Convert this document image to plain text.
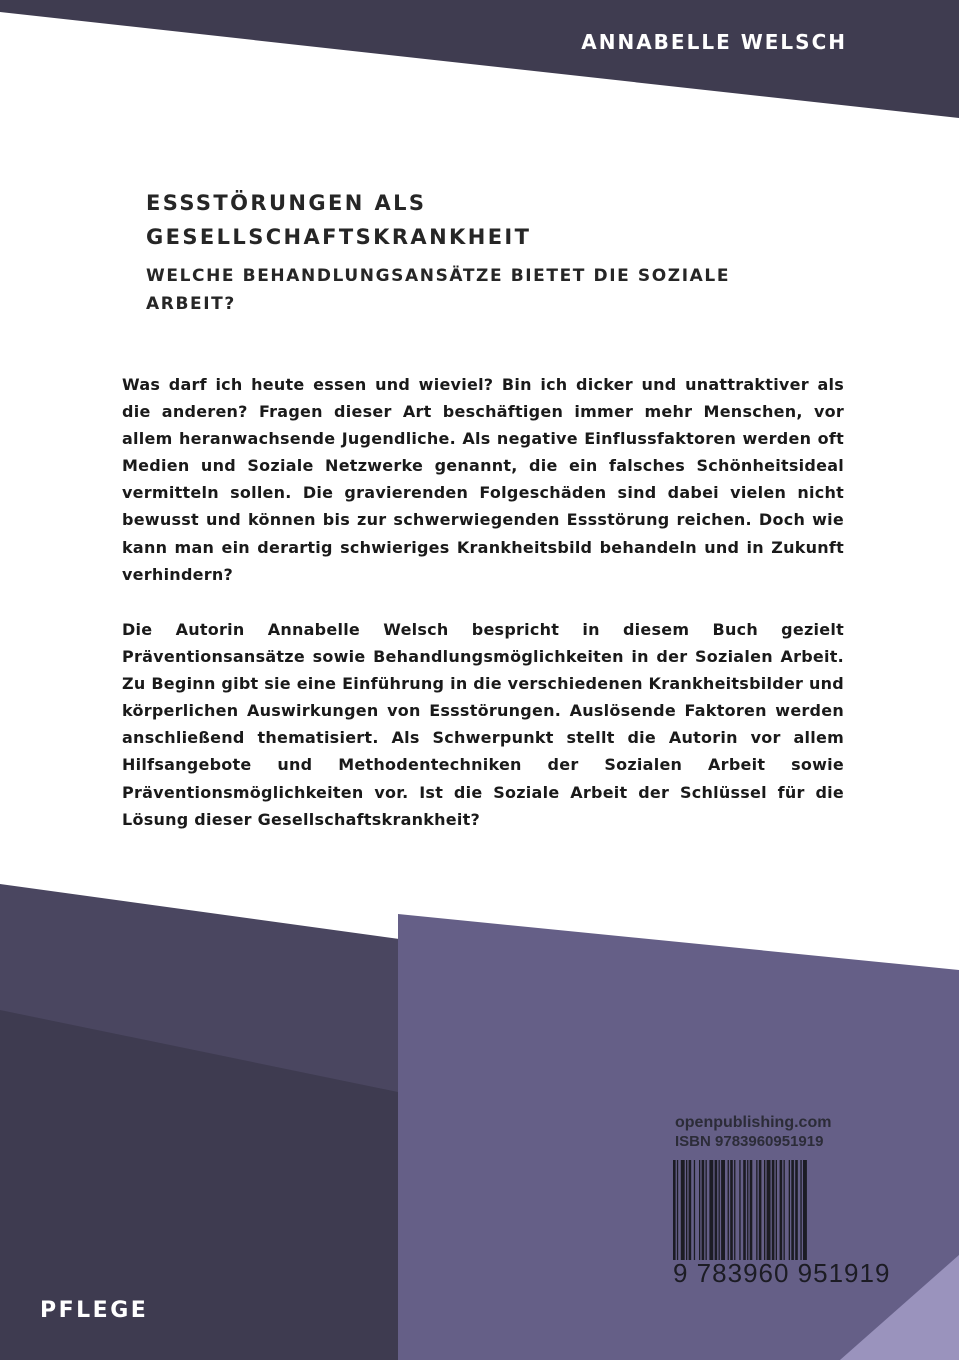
ANNABELLE WELSCH
ESSSTÖRUNGEN ALS
GESELLSCHAFTSKRANKHEIT
WELCHE BEHANDLUNGSANSÄTZE BIETET DIE SOZIALE
ARBEIT?

Was darf ich heute essen und wieviel? Bin ich dicker und unattraktiver als die anderen? Fragen dieser Art beschäftigen immer mehr Menschen, vor allem heranwachsende Jugendliche. Als negative Einflussfaktoren werden oft Medien und Soziale Netzwerke genannt, die ein falsches Schönheitsideal vermitteln sollen. Die gravierenden Folgeschäden sind dabei vielen nicht bewusst und können bis zur schwerwiegenden Essstörung reichen. Doch wie kann man ein derartig schwieriges Krankheitsbild behandeln und in Zukunft verhindern?

Die Autorin Annabelle Welsch bespricht in diesem Buch gezielt Präventionsansätze sowie Behandlungsmöglichkeiten in der Sozialen Arbeit. Zu Beginn gibt sie eine Einführung in die verschiedenen Krankheitsbilder und körperlichen Auswirkungen von Essstörungen. Auslösende Faktoren werden anschließend thematisiert. Als Schwerpunkt stellt die Autorin vor allem Hilfsangebote und Methodentechniken der Sozialen Arbeit sowie Präventionsmöglichkeiten vor. Ist die Soziale Arbeit der Schlüssel für die Lösung dieser Gesellschaftskrankheit?

openpublishing.com
ISBN 9783960951919
9 783960 951919
PFLEGE
